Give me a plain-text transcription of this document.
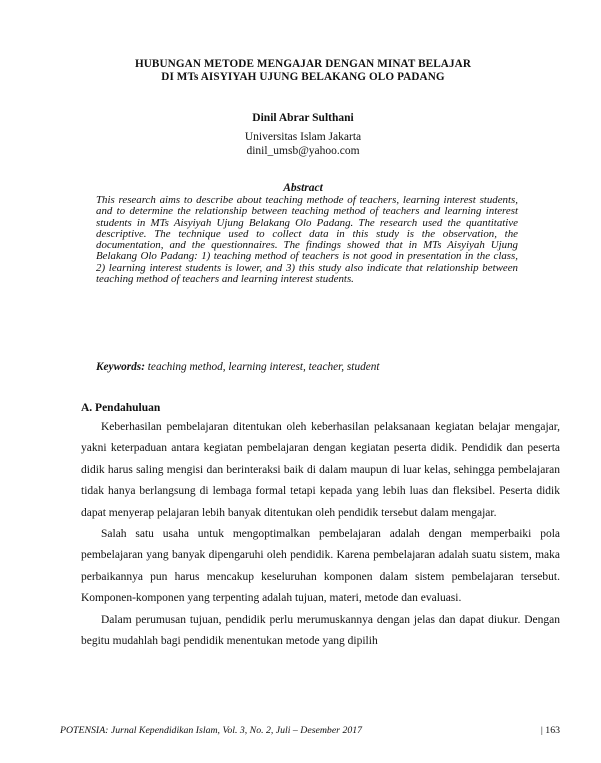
HUBUNGAN METODE MENGAJAR DENGAN MINAT BELAJAR
DI MTs AISYIYAH UJUNG BELAKANG OLO PADANG
Dinil Abrar Sulthani
Universitas Islam Jakarta
dinil_umsb@yahoo.com
Abstract
This research aims to describe about teaching methode of teachers, learning interest students, and to determine the relationship between teaching method of teachers and learning interest students in MTs Aisyiyah Ujung Belakang Olo Padang. The research used the quantitative descriptive. The technique used to collect data in this study is the observation, the documentation, and the questionnaires. The findings showed that in MTs Aisyiyah Ujung Belakang Olo Padang: 1) teaching method of teachers is not good in presentation in the class, 2) learning interest students is lower, and 3) this study also indicate that relationship between teaching method of teachers and learning interest students.
Keywords: teaching method, learning interest, teacher, student
A. Pendahuluan

Keberhasilan pembelajaran ditentukan oleh keberhasilan pelaksanaan kegiatan belajar mengajar, yakni keterpaduan antara kegiatan pembelajaran dengan kegiatan peserta didik. Pendidik dan peserta didik harus saling mengisi dan berinteraksi baik di dalam maupun di luar kelas, sehingga pembelajaran tidak hanya berlangsung di lembaga formal tetapi kepada yang lebih luas dan fleksibel. Peserta didik dapat menyerap pelajaran lebih banyak ditentukan oleh pendidik tersebut dalam mengajar.

Salah satu usaha untuk mengoptimalkan pembelajaran adalah dengan memperbaiki pola pembelajaran yang banyak dipengaruhi oleh pendidik. Karena pembelajaran adalah suatu sistem, maka perbaikannya pun harus mencakup keseluruhan komponen dalam sistem pembelajaran tersebut. Komponen-komponen yang terpenting adalah tujuan, materi, metode dan evaluasi.

Dalam perumusan tujuan, pendidik perlu merumuskannya dengan jelas dan dapat diukur. Dengan begitu mudahlah bagi pendidik menentukan metode yang dipilih

POTENSIA: Jurnal Kependidikan Islam, Vol. 3, No. 2, Juli – Desember 2017	| 163
